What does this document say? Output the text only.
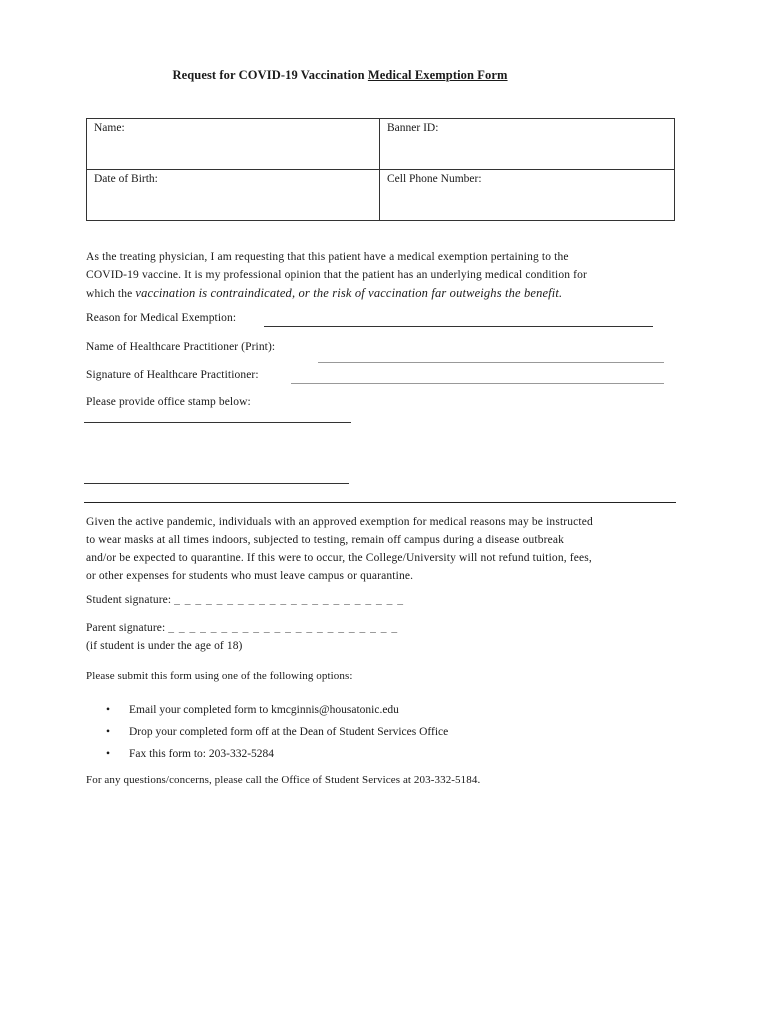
Request for COVID-19 Vaccination Medical Exemption Form
Name:	Banner ID:
Date of Birth:	Cell Phone Number:
As the treating physician, I am requesting that this patient have a medical exemption pertaining to the
COVID-19 vaccine. It is my professional opinion that the patient has an underlying medical condition for
which the vaccination is contraindicated, or the risk of vaccination far outweighs the benefit.
Reason for Medical Exemption:
Name of Healthcare Practitioner (Print):
Signature of Healthcare Practitioner:
Please provide office stamp below:
Given the active pandemic, individuals with an approved exemption for medical reasons may be instructed
to wear masks at all times indoors, subjected to testing, remain off campus during a disease outbreak
and/or be expected to quarantine. If this were to occur, the College/University will not refund tuition, fees,
or other expenses for students who must leave campus or quarantine.
Student signature: _ _ _ _ _ _ _ _ _ _ _ _ _ _ _ _ _ _ _ _ _ _
Parent signature: _ _ _ _ _ _ _ _ _ _ _ _ _ _ _ _ _ _ _ _ _ _
(if student is under the age of 18)
Please submit this form using one of the following options:
• Email your completed form to kmcginnis@housatonic.edu
• Drop your completed form off at the Dean of Student Services Office
• Fax this form to: 203-332-5284
For any questions/concerns, please call the Office of Student Services at 203-332-5184.
